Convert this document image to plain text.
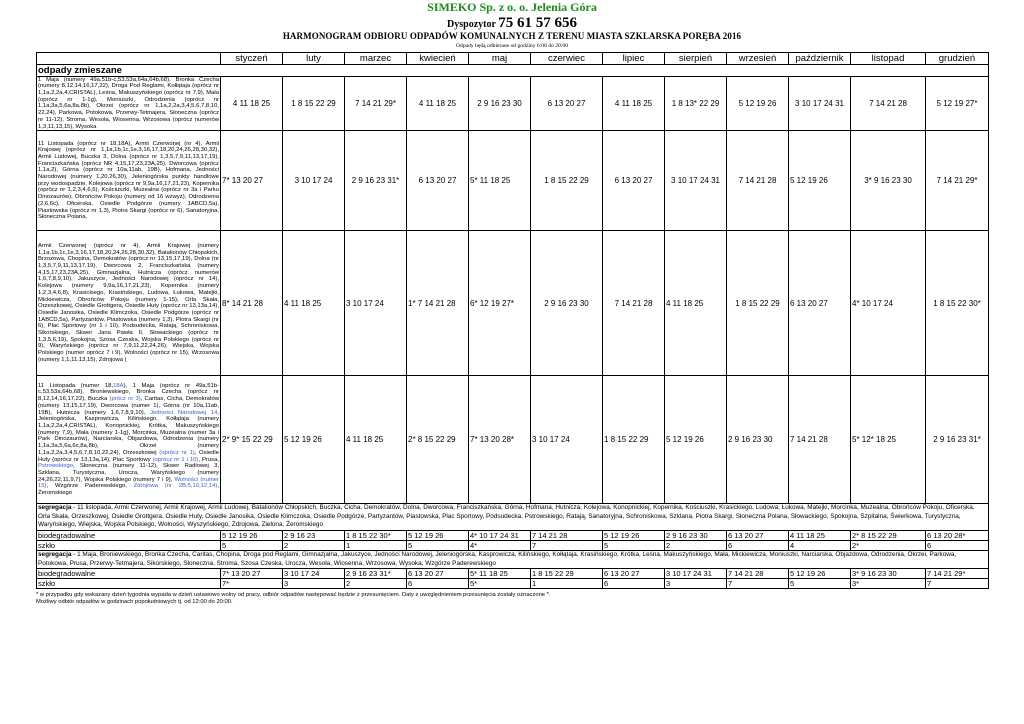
SIMEKO Sp. z o. o. Jelenia Góra
Dyspozytor 75 61 57 656
HARMONOGRAM ODBIORU ODPADÓW KOMUNALNYCH Z TERENU MIASTA SZKLARSKA PORĘBA 2016
Odpady będą odbierane od godziny 6:00 do 20:00
	styczeń	luty	marzec	kwiecień	maj	czerwiec	lipiec	sierpień	wrzesień	październik	listopad	grudzień
odpady zmieszane												
1 Maja (numery 49a,51b-c,53,53a,64a,64b,68), Bronka Czecha (numery 8,12,14,16,17,22), Droga Pod Reglami, Kołłątaja (oprócz nr 1,1a,2,2a,4,CRISTAL), Leśna, Makuszyńskiego (oprócz nr 7,9), Mała (oprócz nr 1-1g), Moniuszki, Odrodzenia (oprócz nr 1,1a,3a,5,6a,8a,8b), Okrzei (oprócz nr 1,1a,2,2a,3,4,5,6,7,8,10, 22,24), Parkowa, Potokowa, Przerwy-Tetmajera, Słoneczna (oprócz nr 11-12), Stroma, Wesoła, Wiosenna, Wrzosowa (oprócz numerów 1,3,11,13,15), Wysoka	4 11 18 25	1 8 15 22 29	7 14 21 29*	4 11 18 25	2 9 16 23 30	6 13 20 27	4 11 18 25	1 8 13* 22 29	5 12 19 26	3 10 17 24 31	7 14 21 28	5 12 19 27*
11 Listopada (oprócz nr 18,18A), Armii Czerwonej (nr 4), Armii Krajowej (oprócz nr 1,1a,1b,1c,1e,3,16,17,18,20,24,26,28,30,32), Armii Ludowej, Buczka 3, Dolna (oprócz nr 1,3,5,7,9,11,13,17,19), Franciszkańska (oprócz NR 4,15,17,23,23A,25), Dworcowa (oprócz 1,1a,2), Górna (oprócz nr 10a,11ab, 19B), Hofmana, Jedności Narodowej (numery 1,20,26,30), Jeleniogórska punkty handlowe przy wodospadzie, Kolejowa (oprócz nr 9,9a,16,17,21,23), Kopernika (oprócz nr 1,2,3,4,6,6), Kościuszki, Muzealna (oprócz nr 3a i Parku Dinozaurów), Obrońców Pokoju (numery od 16 wzwyż), Odrodzenia (2,6,6c), Oficerska, Osiedle Podgórze (numery 1ABCD,5a), Piastowska (oprócz nr 1,3), Piotra Skargi (oprócz nr 6), Sanatoryjna, Słoneczna Polana,	7* 13 20 27	3 10 17 24	2 9 16 23 31*	6 13 20 27	5* 11 18 25	1 8 15 22 29	6 13 20 27	3 10 17 24 31	7 14 21 28	5 12 19 26	3* 9 16 23 30	7 14 21 29*
Armii Czerwonej (oprócz nr 4), Armii Krajowej (numery 1,1a,1b,1c,1e,3,16,17,18,20,24,26,28,30,32), Batalionów Chłopskich, Brzozowa, Chopina, Demokratów (oprócz nr 13,15,17,19), Dolna (nr 1,3,5,7,9,11,13,17,19), Dworcowa 2, Franciszkańska (numery 4,15,17,23,23A,25), Gimnazjalna, Hutnicza (oprócz numerów 1,6,7,8,9,10), Jakuszyce, Jedności Narodowej (oprócz nr 14), Kolejowa (numery 9,9a,16,17,21,23), Kopernika (numery 1,2,3,4,6,8), Krasickiego, Krasińskiego, Ludowa, Łukowa, Matejki, Mickiewicza, Obrońców Pokoju (numery 1-15), Orla Skała, Orzeszkowej, Osiedle Grottgera, Osiedle Huty (oprócz nr 13,13a,14), Osiedle Janosika, Osiedle Klimczoka, Osiedle Podgórze (oprócz nr 1ABCD,5a), Partyzantów, Piastowska (numery 1,3), Piotra Skargi (nr 6), Plac Sportowy (nr 1 i 10), Podsudecka, Ratają, Schroniskowa, Sikorskiego, Skwer Jana Pawła II, Słowackiego (oprócz nr 1,3,5,6,19), Spokojna, Szosa Czeska, Wojska Polskiego (oprócz nr 9), Waryńskiego (oprócz nr 7,9,11,22,24,26), Wiejska, Wojska Polskiego (numer oprócz 7 i 9), Wolności (oprócz nr 15), Wrzosowa (numery 1,1,11,13,15), Zdrojowa (	8* 14 21 28	4 11 18 25	3 10 17 24	1* 7 14 21 28	6* 12 19 27*	2 9 16 23 30	7 14 21 28	4 11 18 25	1 8 15 22 29	6 13 20 27	4* 10 17 24	1 8 15 22 30*
11 Listopada (numer 18,18A), 1 Maja (oprócz nr 49a,51b-c,53,53a,64b,68), Broniewskiego, Bronka Czecha (oprócz nr 8,12,14,16,17,22), Buczka (prócz nr 3), Caritas, Cicha, Demokratów (numery 13,15,17,19), Dworcowa (numer 1), Górna (nr 10a,11ab, 19B), Hutnicza (numery 1,6,7,8,9,10), Jedności Narodowej 14, Jeleniogórska, Kasprowicza, Kilińskiego, Kołłątaja (numery 1,1a,2,2a,4,CRISTAL), Konopnickiej, Krótka, Makuszyńskiego (numery 7,9), Mała (numery 1-1g), Morcinka, Muzealna (numer 3a i Park Dinozaurów), Narciarska, Objazdowa, Odrodzenia (numery 1,1a,3a,5,6a,6c,8a,8b), Okrzei (numery 1,1a,2,2a,3,4,5,6,7,8,10,22,24), Orzeszkowej (oprócz nr 1), Osiedle Huty (oprócz nr 13,13a,14), Plac Sportowy (oprócz nr 1 i 10), Prusa, Pstrowskiego, Słoneczna (numery 11-12), Skwer Radiowej 3, Szklana, Turystyczna, Urocza, Waryńskiego (numery 24,26,22,11,9,7), Wojska Polskiego (numery 7 i 9), Wolności (numer 15), Wzgórze Paderewskiego, Zdrojowa (nr 2B,5,10,12,14), Żeromskiego	2* 9* 15 22 29	5 12 19 26	4 11 18 25	2* 8 15 22 29	7* 13 20 28*	3 10 17 24	1 8 15 22 29	5 12 19 26	2 9 16 23 30	7 14 21 28	5* 12* 18 25	2 9 16 23 31*
segregacja - 11 listopada, Armii Czerwonej, Armii Krajowej, Armii Ludowej, Batalionów Chłopskich, Buczka, Cicha, Demokratów, Dolna, Dworcowa, Franciszkańska, Górna, Hofmana, Hutnicza, Kolejowa, Konopnickiej, Kopernika, Kościuszki, Krasickiego, Ludowa, Łukowa, Matejki, Morcinka, Muzealna, Obrońców Pokoju, Oficerska, Orla Skała, Orzeszkowej, Osiedle Grottgera, Osiedle Huty, Osiedle Janosika, Osiedle Klimczoka, Osiedle Podgórze, Partyzantów, Piastowska, Plac Sportowy, Podsudecka, Pstrowskiego, Ratają, Sanatoryjna, Schroniskowa, Szklana, Piotra Skargi, Słoneczna Polana, Słowackiego, Spokojna, Szpitalna, Świerkowa, Turystyczna, Waryńskiego, Wiejska, Wojska Polskiego, Wolności, Wyszyńskiego, Zdrojowa, Zielona, Żeromskiego												
biodegradowalne	5 12 19 26	2 9 16 23	1 8 15 22 30*	5 12 19 26	4* 10 17 24 31	7 14 21 28	5 12 19 26	2 9 16 23 30	6 13 20 27	4 11 18 25	2* 8 15 22 29	6 13 20 28*
szkło	5	2	1	5	4*	7	5	2	6	4	2*	6
segregacja - 1 Maja, Broniewskiego, Bronka Czecha, Caritas, Chopina, Droga pod Reglami, Gimnazjalna, Jakuszyce, Jedności Narodowej, Jeleniogórska, Kasprowicza, Kilińskiego, Kołłątaja, Krasińskiego, Krótka, Leśna, Makuszyńskiego, Mała, Mickiewicza, Moniuszki, Narciarska, Objazdowa, Odrodzenia, Okrzei, Parkowa, Potokowa, Prusa, Przerwy-Tetmajera, Sikorskiego, Słoneczna, Stroma, Szosa Czeska, Urocza, Wesoła, Wiosenna, Wrzosowa, Wysoka, Wzgórze Paderewskiego												
biodegradowalne	7* 13 20 27	3 10 17 24	2 9 16 23 31*	6 13 20 27	5* 11 18 25	1 8 15 22 29	6 13 20 27	3 10 17 24 31	7 14 21 28	5 12 19 26	3* 9 16 23 30	7 14 21 29*
szkło	7*	3	2	6	5*	1	6	3	7	5	3*	7
* w przypadku gdy wskazany dzień tygodnia wypada w dzień ustawowo wolny od pracy, odbiór odpadów następować będzie z przesunięciem. Daty z uwzględnieniem przesunięcia zostały oznaczone *.
Możliwy odbiór odpadów w godzinach popołudniowych tj. od 12:00 do 20:00.
